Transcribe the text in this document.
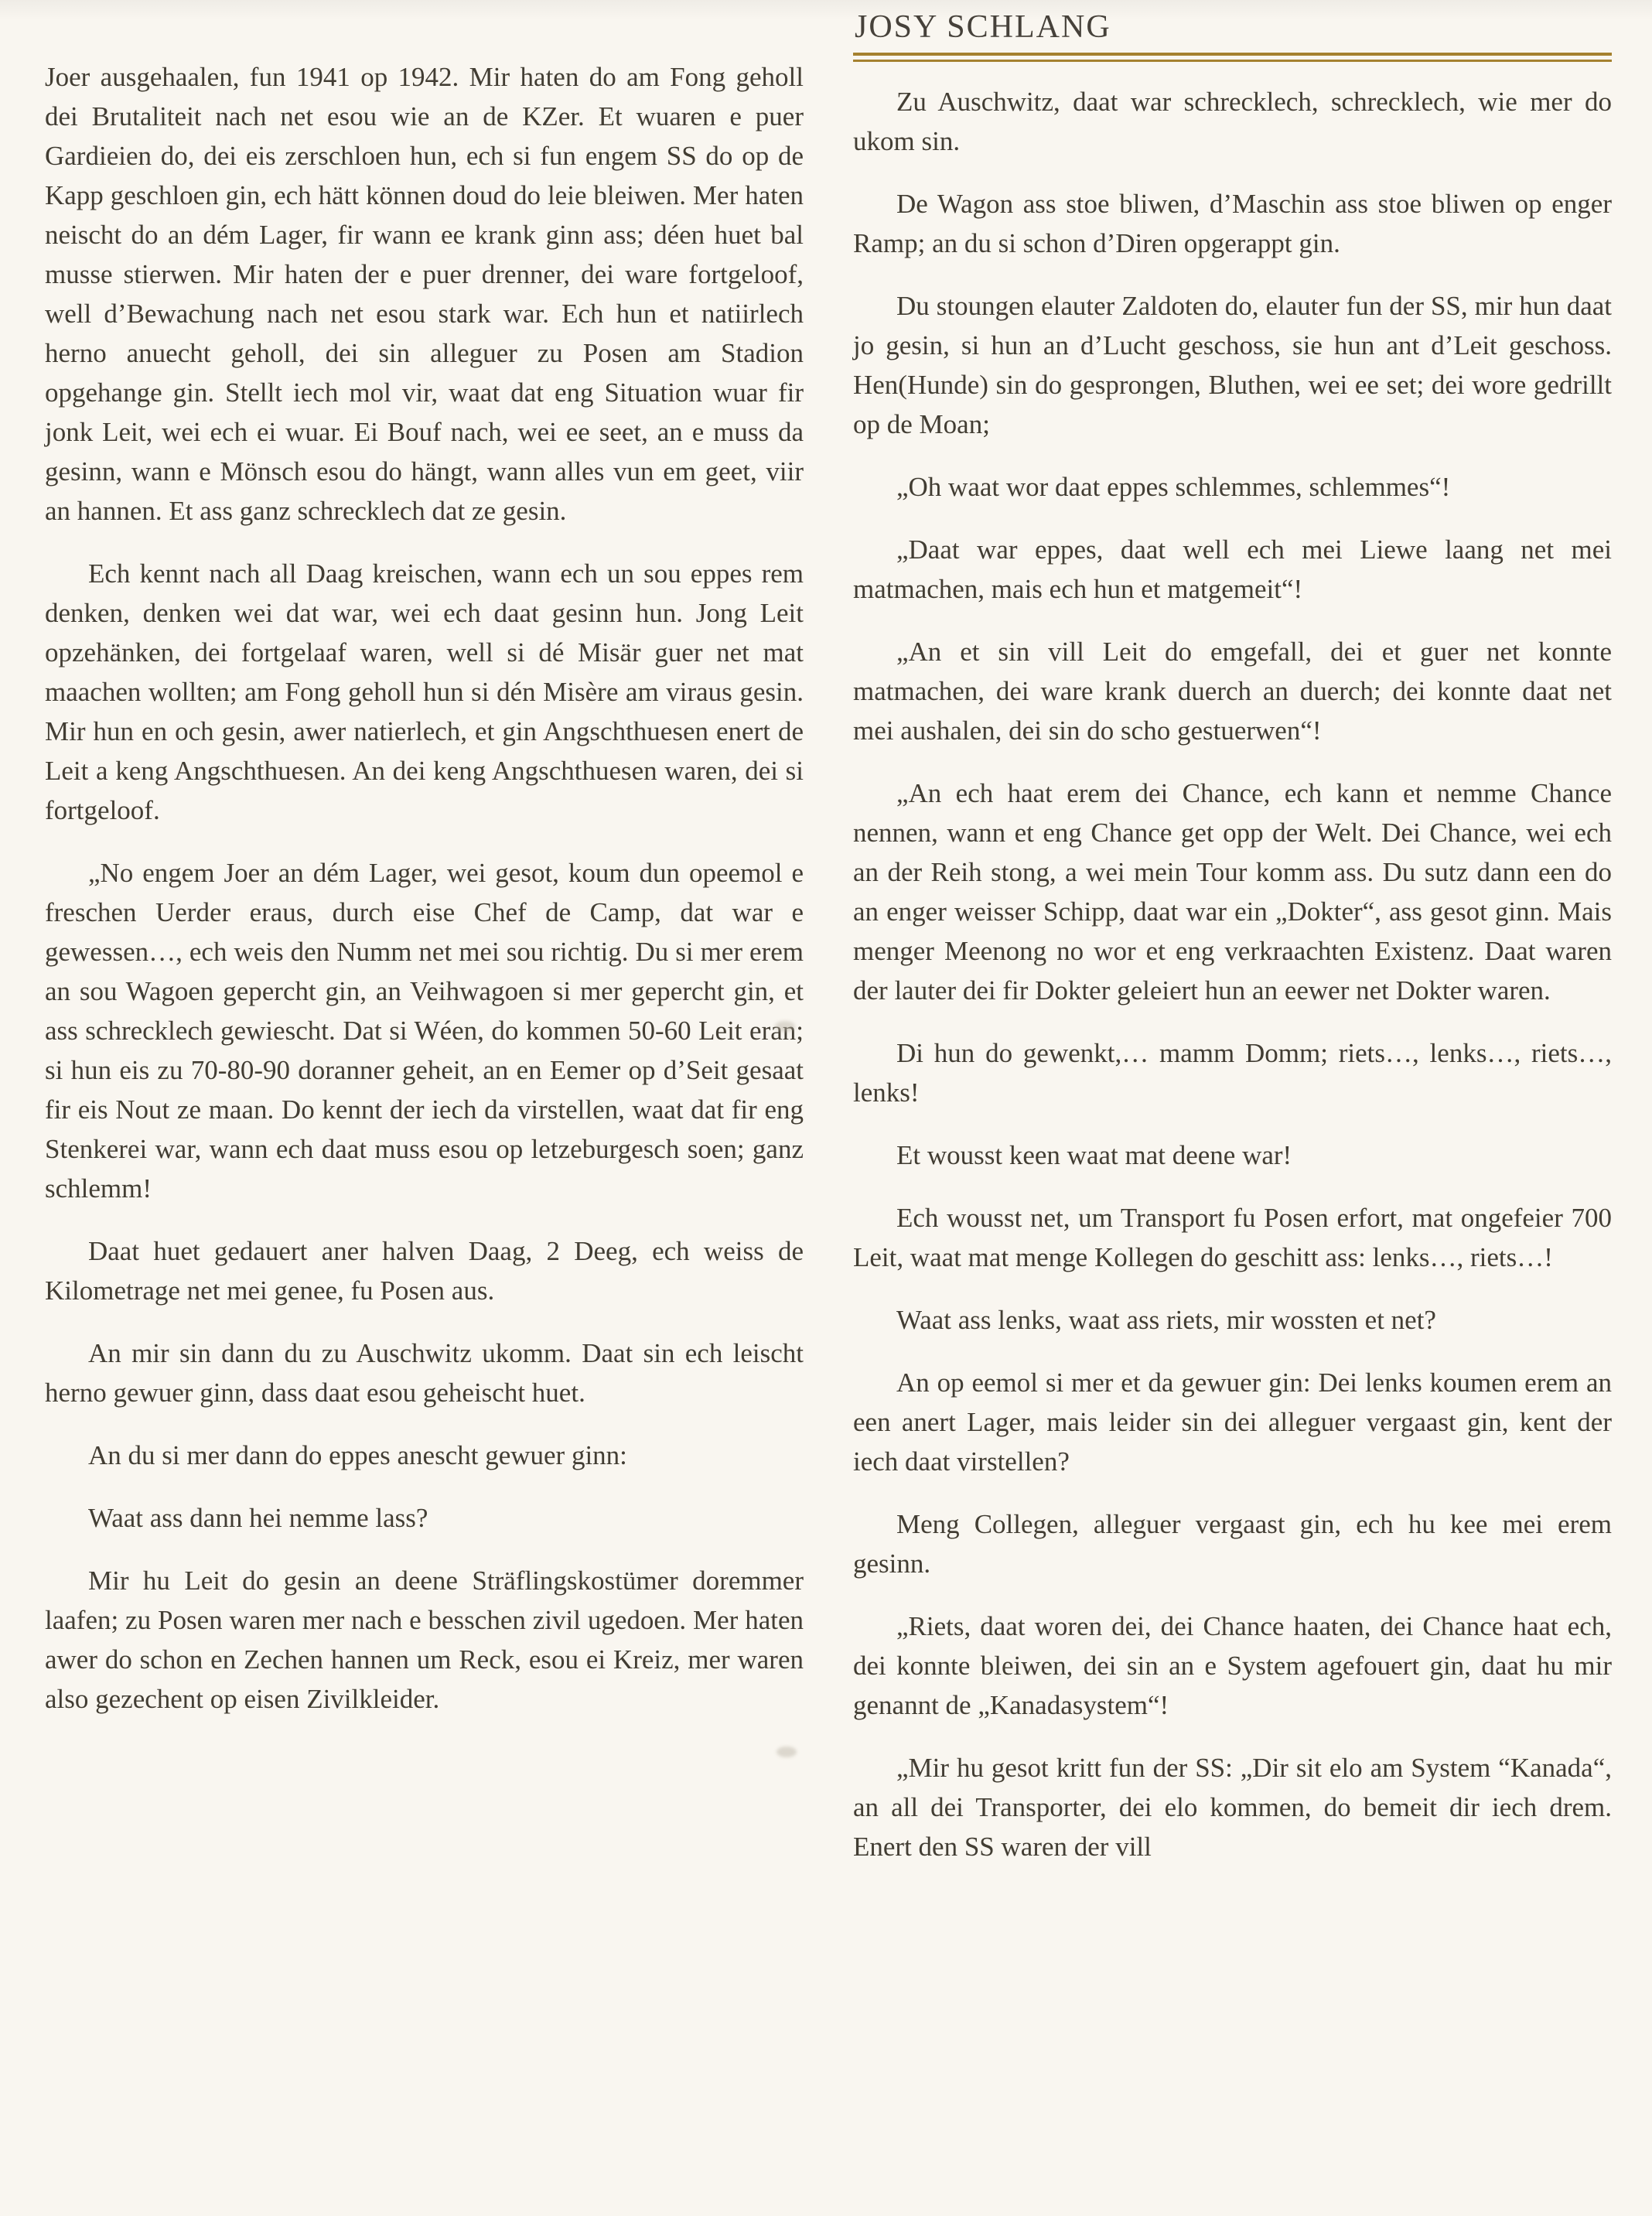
Joer ausgehaalen, fun 1941 op 1942. Mir haten do am Fong geholl dei Brutaliteit nach net esou wie an de KZer. Et wuaren e puer Gardieien do, dei eis zerschloen hun, ech si fun engem SS do op de Kapp geschloen gin, ech hätt können doud do leie bleiwen. Mer haten neischt do an dém Lager, fir wann ee krank ginn ass; déen huet bal musse stierwen. Mir haten der e puer drenner, dei ware fortgeloof, well d’Bewachung nach net esou stark war. Ech hun et natiirlech herno anuecht geholl, dei sin alleguer zu Posen am Stadion opgehange gin. Stellt iech mol vir, waat dat eng Situation wuar fir jonk Leit, wei ech ei wuar. Ei Bouf nach, wei ee seet, an e muss da gesinn, wann e Mönsch esou do hängt, wann alles vun em geet, viir an hannen. Et ass ganz schrecklech dat ze gesin.

Ech kennt nach all Daag kreischen, wann ech un sou eppes rem denken, denken wei dat war, wei ech daat gesinn hun. Jong Leit opzehänken, dei fortgelaaf waren, well si dé Misär guer net mat maachen wollten; am Fong geholl hun si dén Misère am viraus gesin. Mir hun en och gesin, awer natierlech, et gin Angschthuesen enert de Leit a keng Angschthuesen. An dei keng Angschthuesen waren, dei si fortgeloof.

„No engem Joer an dém Lager, wei gesot, koum dun opeemol e freschen Uerder eraus, durch eise Chef de Camp, dat war e gewessen…, ech weis den Numm net mei sou richtig. Du si mer erem an sou Wagoen gepercht gin, an Veihwagoen si mer gepercht gin, et ass schrecklech gewiescht. Dat si Wéen, do kommen 50-60 Leit eran; si hun eis zu 70-80-90 doranner geheit, an en Eemer op d’Seit gesaat fir eis Nout ze maan. Do kennt der iech da virstellen, waat dat fir eng Stenkerei war, wann ech daat muss esou op letzeburgesch soen; ganz schlemm!

Daat huet gedauert aner halven Daag, 2 Deeg, ech weiss de Kilometrage net mei genee, fu Posen aus.

An mir sin dann du zu Auschwitz ukomm. Daat sin ech leischt herno gewuer ginn, dass daat esou geheischt huet.

An du si mer dann do eppes anescht gewuer ginn:

Waat ass dann hei nemme lass?

Mir hu Leit do gesin an deene Sträflingskostümer doremmer laafen; zu Posen waren mer nach e besschen zivil ugedoen. Mer haten awer do schon en Zechen hannen um Reck, esou ei Kreiz, mer waren also gezechent op eisen Zivilkleider.

JOSY SCHLANG

Zu Auschwitz, daat war schrecklech, schrecklech, wie mer do ukom sin.

De Wagon ass stoe bliwen, d’Maschin ass stoe bliwen op enger Ramp; an du si schon d’Diren opgerappt gin.

Du stoungen elauter Zaldoten do, elauter fun der SS, mir hun daat jo gesin, si hun an d’Lucht geschoss, sie hun ant d’Leit geschoss. Hen(Hunde) sin do gesprongen, Bluthen, wei ee set; dei wore gedrillt op de Moan;

„Oh waat wor daat eppes schlemmes, schlemmes“!

„Daat war eppes, daat well ech mei Liewe laang net mei matmachen, mais ech hun et matgemeit“!

„An et sin vill Leit do emgefall, dei et guer net konnte matmachen, dei ware krank duerch an duerch; dei konnte daat net mei aushalen, dei sin do scho gestuerwen“!

„An ech haat erem dei Chance, ech kann et nemme Chance nennen, wann et eng Chance get opp der Welt. Dei Chance, wei ech an der Reih stong, a wei mein Tour komm ass. Du sutz dann een do an enger weisser Schipp, daat war ein „Dokter“, ass gesot ginn. Mais menger Meenong no wor et eng verkraachten Existenz. Daat waren der lauter dei fir Dokter geleiert hun an eewer net Dokter waren.

Di hun do gewenkt,… mamm Domm; riets…, lenks…, riets…, lenks!

Et wousst keen waat mat deene war!

Ech wousst net, um Transport fu Posen erfort, mat ongefeier 700 Leit, waat mat menge Kollegen do geschitt ass: lenks…, riets…!

Waat ass lenks, waat ass riets, mir wossten et net?

An op eemol si mer et da gewuer gin: Dei lenks koumen erem an een anert Lager, mais leider sin dei alleguer vergaast gin, kent der iech daat virstellen?

Meng Collegen, alleguer vergaast gin, ech hu kee mei erem gesinn.

„Riets, daat woren dei, dei Chance haaten, dei Chance haat ech, dei konnte bleiwen, dei sin an e System agefouert gin, daat hu mir genannt de „Kanadasystem“!

„Mir hu gesot kritt fun der SS: „Dir sit elo am System “Kanada“, an all dei Transporter, dei elo kommen, do bemeit dir iech drem. Enert den SS waren der vill
